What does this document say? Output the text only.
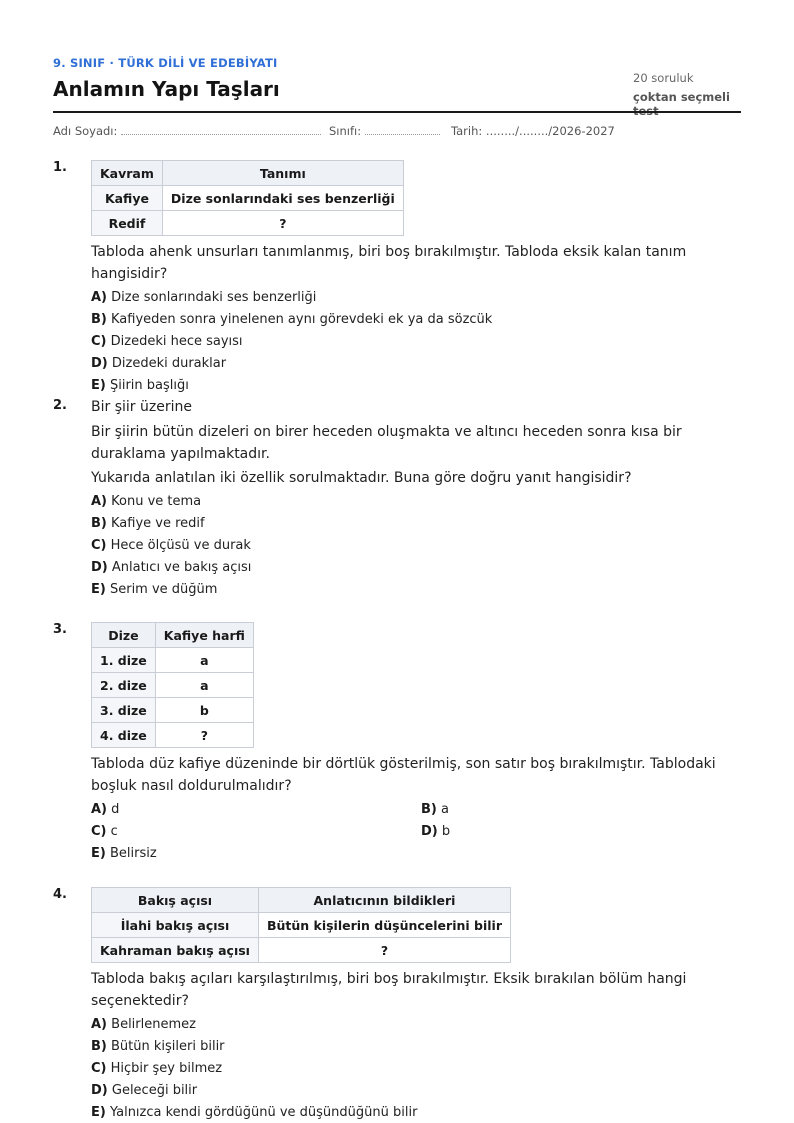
9. SINIF · TÜRK DİLİ VE EDEBİYATI
Anlamın Yapı Taşları	20 soruluk
çoktan seçmeli
Adı Soyadı:	Sınıfı:	Tarih: ......../......../2026-2027
1.	Kavram	Tanımı
Kafiye	Dize sonlarındaki ses benzerliği
Redif	?
Tabloda ahenk unsurları tanımlanmış, biri boş bırakılmıştır. Tabloda eksik kalan tanım hangisidir?
A) Dize sonlarındaki ses benzerliği
B) Kafiyeden sonra yinelenen aynı görevdeki ek ya da sözcük
C) Dizedeki hece sayısı
D) Dizedeki duraklar
E) Şiirin başlığı
2. Bir şiir üzerine
Bir şiirin bütün dizeleri on birer heceden oluşmakta ve altıncı heceden sonra kısa bir duraklama yapılmaktadır.
Yukarıda anlatılan iki özellik sorulmaktadır. Buna göre doğru yanıt hangisidir?
A) Konu ve tema
B) Kafiye ve redif
C) Hece ölçüsü ve durak
D) Anlatıcı ve bakış açısı
E) Serim ve düğüm
3.	Dize	Kafiye harfi
1. dize	a
2. dize	a
3. dize	b
4. dize	?
Tabloda düz kafiye düzeninde bir dörtlük gösterilmiş, son satır boş bırakılmıştır. Tablodaki boşluk nasıl doldurulmalıdır?
A) d	B) a
C) c	D) b
E) Belirsiz
4.	Bakış açısı	Anlatıcının bildikleri
İlahi bakış açısı	Bütün kişilerin düşüncelerini bilir
Kahraman bakış açısı	?
Tabloda bakış açıları karşılaştırılmış, biri boş bırakılmıştır. Eksik bırakılan bölüm hangi seçenektedir?
A) Belirlenemez
B) Bütün kişileri bilir
C) Hiçbir şey bilmez
D) Geleceği bilir
E) Yalnızca kendi gördüğünü ve düşündüğünü bilir
